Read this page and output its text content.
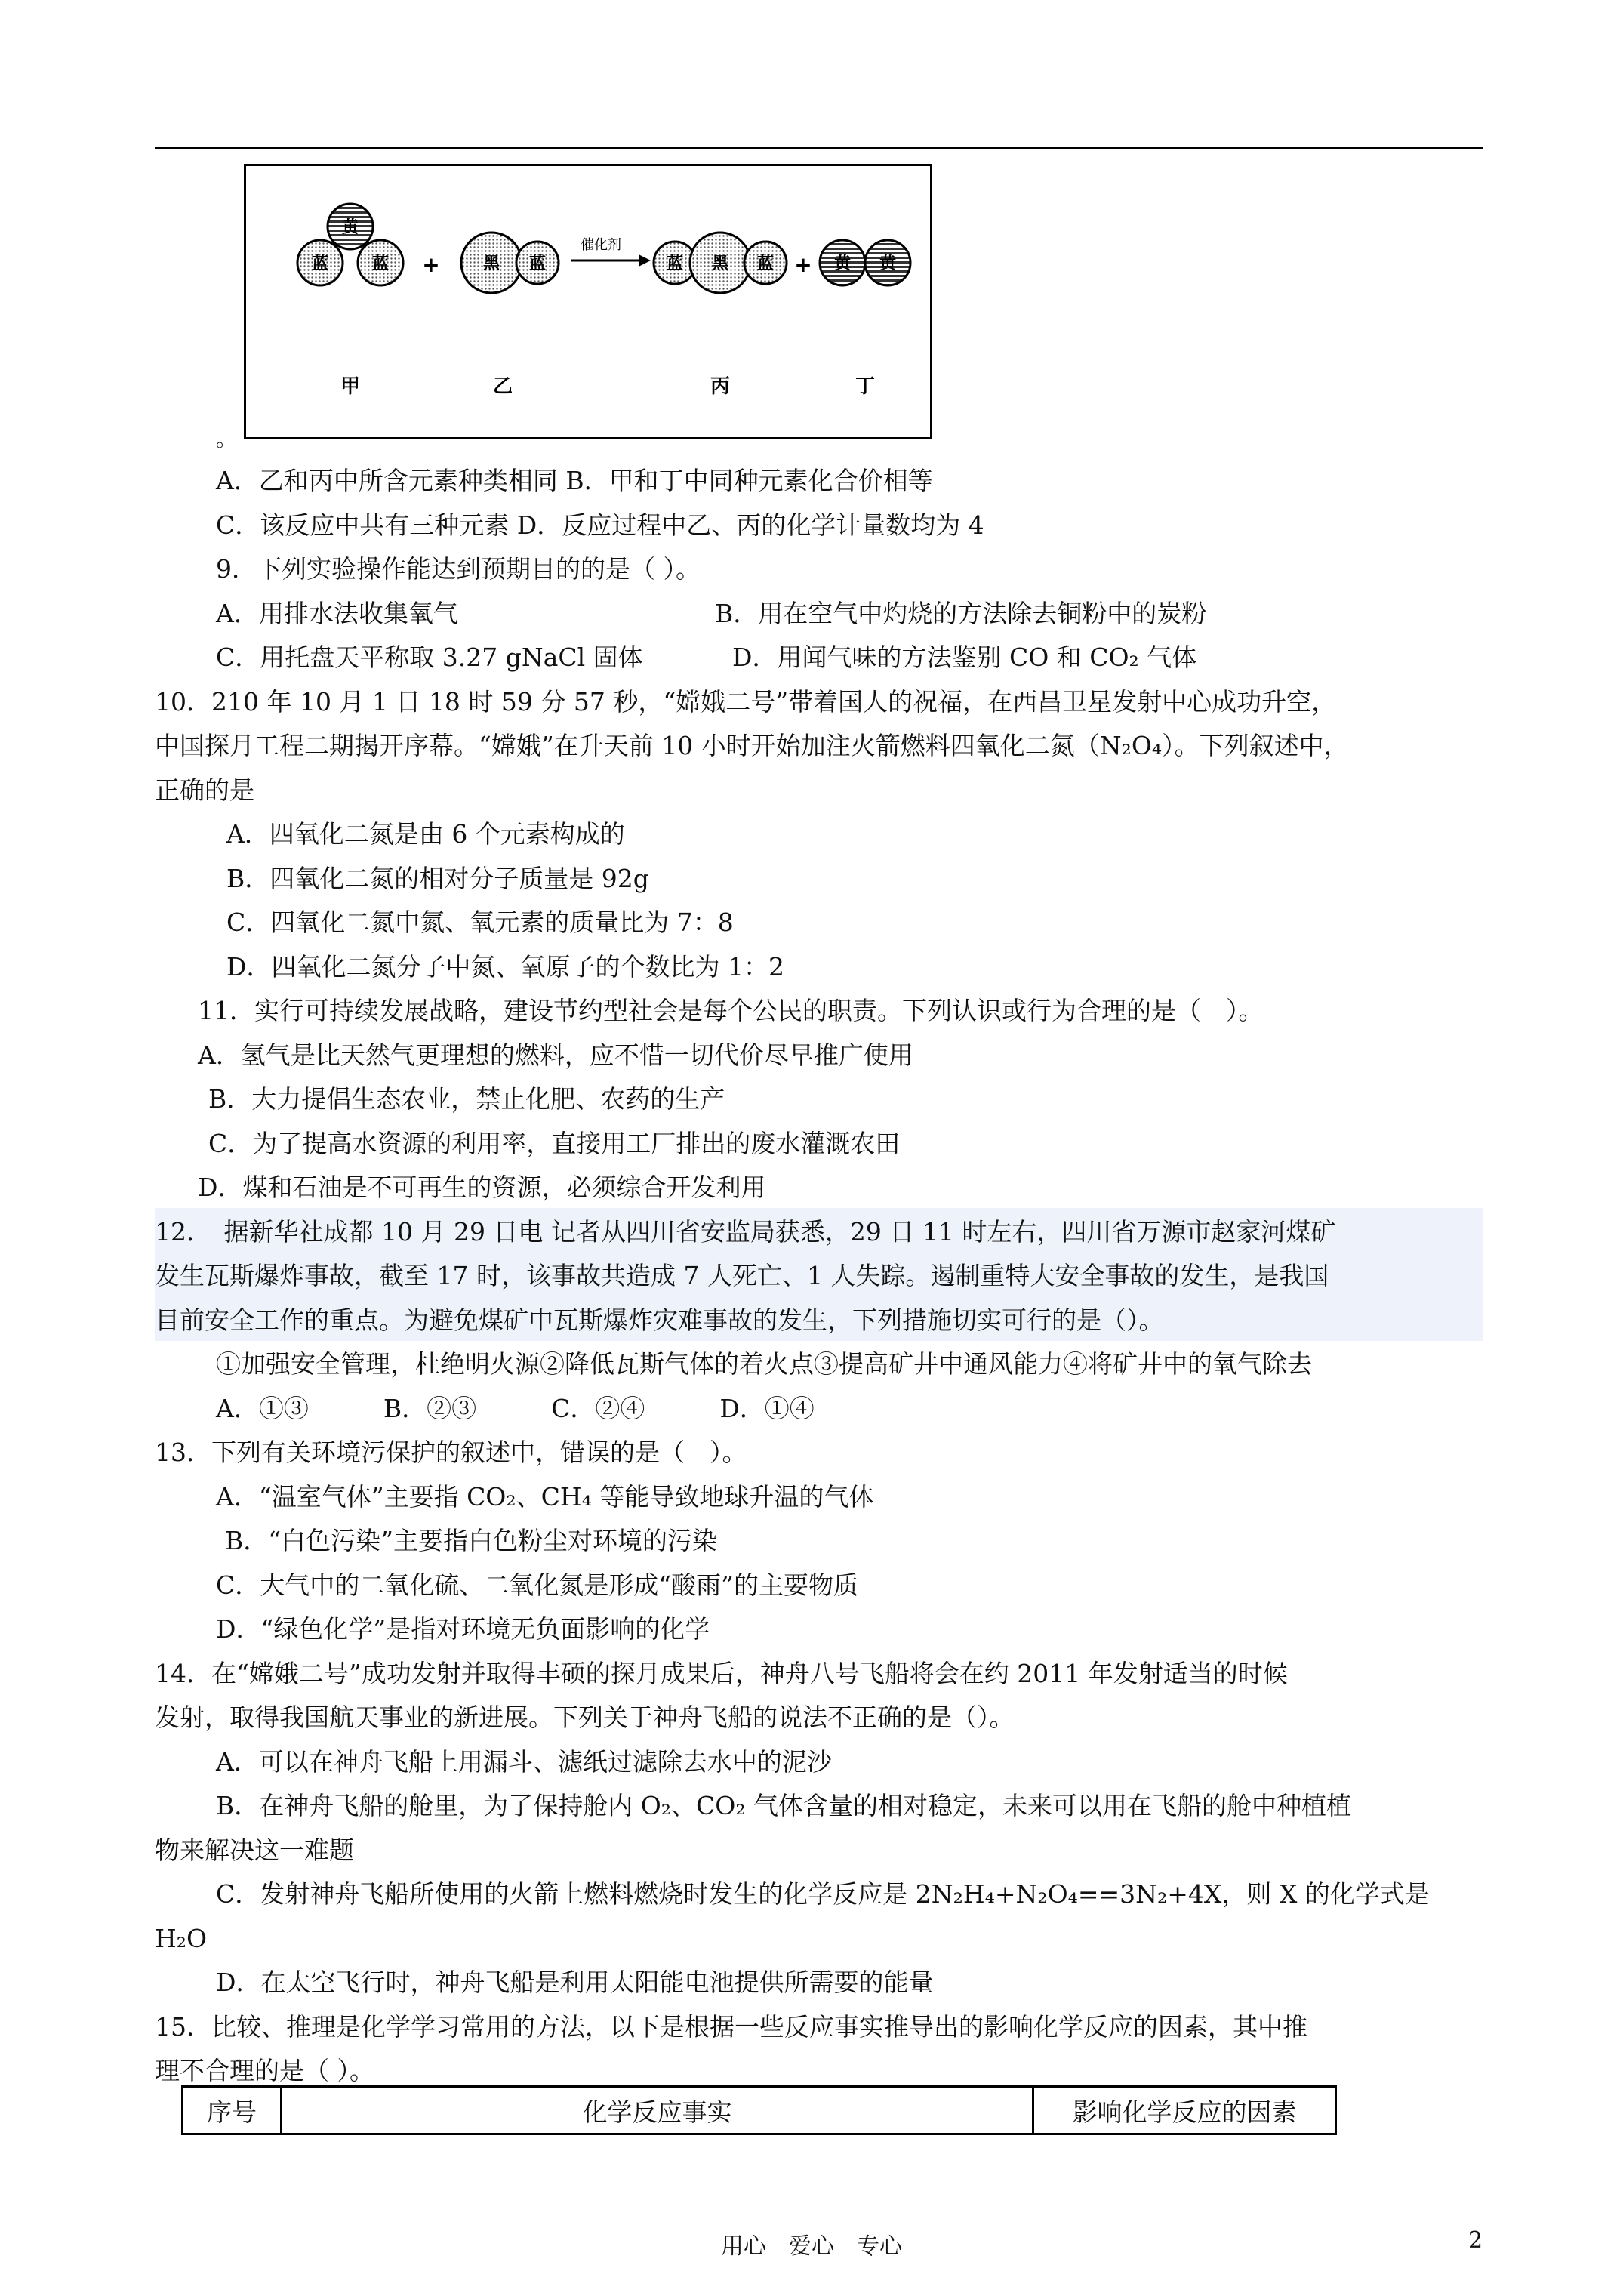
黄
蓝	蓝 +	黑 蓝
催化剂
蓝 黑 蓝 + 黄 黄
甲	乙	丙	丁
。
A．乙和丙中所含元素种类相同 B．甲和丁中同种元素化合价相等
C．该反应中共有三种元素 D．反应过程中乙、丙的化学计量数均为 4
9．下列实验操作能达到预期目的的是（ ）。
A．用排水法收集氧气	B．用在空气中灼烧的方法除去铜粉中的炭粉
C．用托盘天平称取 3.27 gNaCl 固体	D．用闻气味的方法鉴别 CO 和 CO₂ 气体
10．210 年 10 月 1 日 18 时 59 分 57 秒，“嫦娥二号”带着国人的祝福，在西昌卫星发射中心成功升空，
中国探月工程二期揭开序幕。“嫦娥”在升天前 10 小时开始加注火箭燃料四氧化二氮（N₂O₄）。下列叙述中，
正确的是
A．四氧化二氮是由 6 个元素构成的
B．四氧化二氮的相对分子质量是 92g
C．四氧化二氮中氮、氧元素的质量比为 7：8
D．四氧化二氮分子中氮、氧原子的个数比为 1：2
11．实行可持续发展战略，建设节约型社会是每个公民的职责。下列认识或行为合理的是（　）。
A．氢气是比天然气更理想的燃料，应不惜一切代价尽早推广使用
B．大力提倡生态农业，禁止化肥、农药的生产
C．为了提高水资源的利用率，直接用工厂排出的废水灌溉农田
D．煤和石油是不可再生的资源，必须综合开发利用
12．　据新华社成都 10 月 29 日电 记者从四川省安监局获悉，29 日 11 时左右，四川省万源市赵家河煤矿
发生瓦斯爆炸事故，截至 17 时，该事故共造成 7 人死亡、1 人失踪。遏制重特大安全事故的发生，是我国
目前安全工作的重点。为避免煤矿中瓦斯爆炸灾难事故的发生，下列措施切实可行的是（）。
①加强安全管理，杜绝明火源②降低瓦斯气体的着火点③提高矿井中通风能力④将矿井中的氧气除去
A．①③　　　B．②③　　　C．②④　　　D．①④
13．下列有关环境污保护的叙述中，错误的是（　）。
A．“温室气体”主要指 CO₂、CH₄ 等能导致地球升温的气体
B．“白色污染”主要指白色粉尘对环境的污染
C．大气中的二氧化硫、二氧化氮是形成“酸雨”的主要物质
D．“绿色化学”是指对环境无负面影响的化学
14．在“嫦娥二号”成功发射并取得丰硕的探月成果后，神舟八号飞船将会在约 2011 年发射适当的时候
发射，取得我国航天事业的新进展。下列关于神舟飞船的说法不正确的是（）。
A．可以在神舟飞船上用漏斗、滤纸过滤除去水中的泥沙
B．在神舟飞船的舱里，为了保持舱内 O₂、CO₂ 气体含量的相对稳定，未来可以用在飞船的舱中种植植
物来解决这一难题
C．发射神舟飞船所使用的火箭上燃料燃烧时发生的化学反应是 2N₂H₄+N₂O₄==3N₂+4X，则 X 的化学式是
H₂O
D．在太空飞行时，神舟飞船是利用太阳能电池提供所需要的能量
15．比较、推理是化学学习常用的方法，以下是根据一些反应事实推导出的影响化学反应的因素，其中推
理不合理的是（ ）。
序号	化学反应事实	影响化学反应的因素
用心　爱心　专心	2
